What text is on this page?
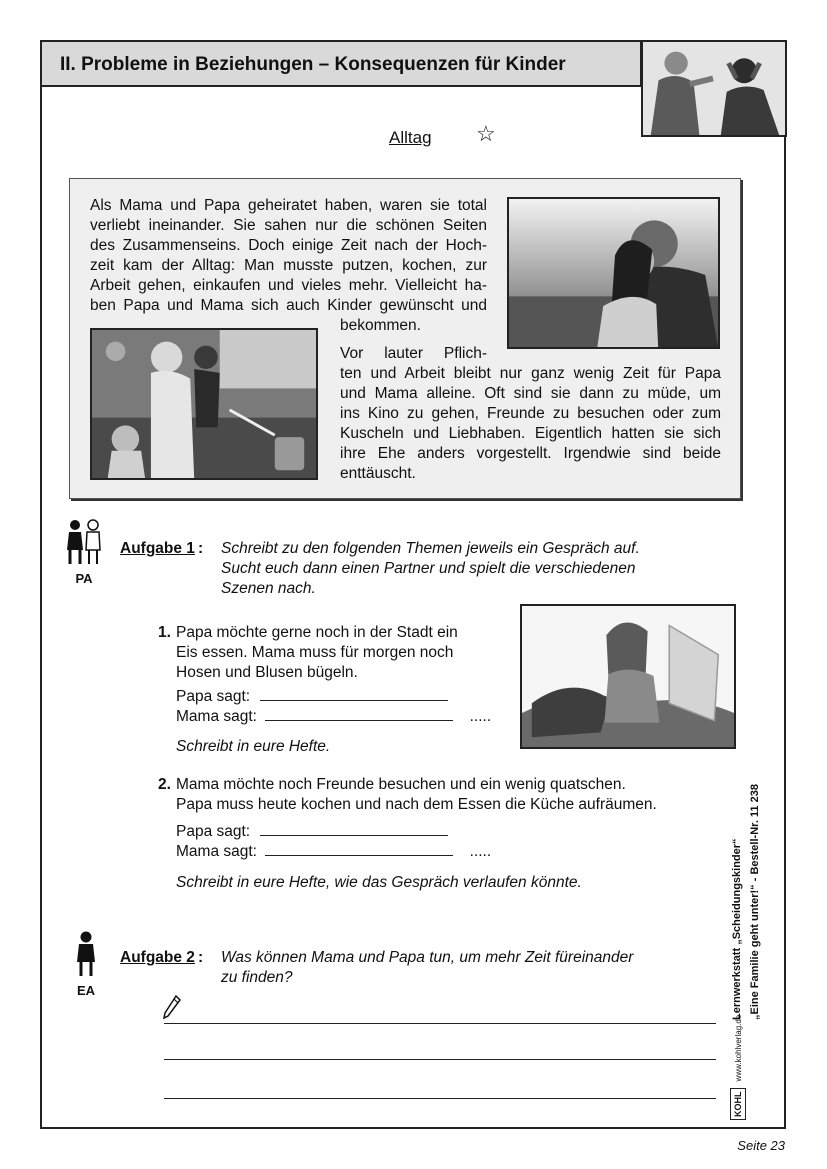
II. Probleme in Beziehungen – Konsequenzen für Kinder
Alltag ☆
Als Mama und Papa geheiratet haben, waren sie total
verliebt ineinander. Sie sahen nur die schönen Seiten
des Zusammenseins. Doch einige Zeit nach der Hoch-
zeit kam der Alltag: Man musste putzen, kochen, zur
Arbeit gehen, einkaufen und vieles mehr. Vielleicht ha-
ben Papa und Mama sich auch Kinder gewünscht und
bekommen.
Vor lauter Pflich-
ten und Arbeit bleibt nur ganz wenig Zeit für Papa
und Mama alleine. Oft sind sie dann zu müde, um
ins Kino zu gehen, Freunde zu besuchen oder zum
Kuscheln und Liebhaben. Eigentlich hatten sie sich
ihre Ehe anders vorgestellt. Irgendwie sind beide
enttäuscht.
PA
Aufgabe 1 : Schreibt zu den folgenden Themen jeweils ein Gespräch auf.
Sucht euch dann einen Partner und spielt die verschiedenen
Szenen nach.
1. Papa möchte gerne noch in der Stadt ein
Eis essen. Mama muss für morgen noch
Hosen und Blusen bügeln.
Papa sagt:
Mama sagt:	.....
Schreibt in eure Hefte.
2. Mama möchte noch Freunde besuchen und ein wenig quatschen.
Papa muss heute kochen und nach dem Essen die Küche aufräumen.
Papa sagt:
Mama sagt:	.....
Schreibt in eure Hefte, wie das Gespräch verlaufen könnte.
EA
Aufgabe 2 : Was können Mama und Papa tun, um mehr Zeit füreinander
zu finden?
KOHL www.kohlverlag.de
Lernwerkstatt „Scheidungskinder“ „Eine Familie geht unter!“ - Bestell-Nr. 11 238
Seite 23
